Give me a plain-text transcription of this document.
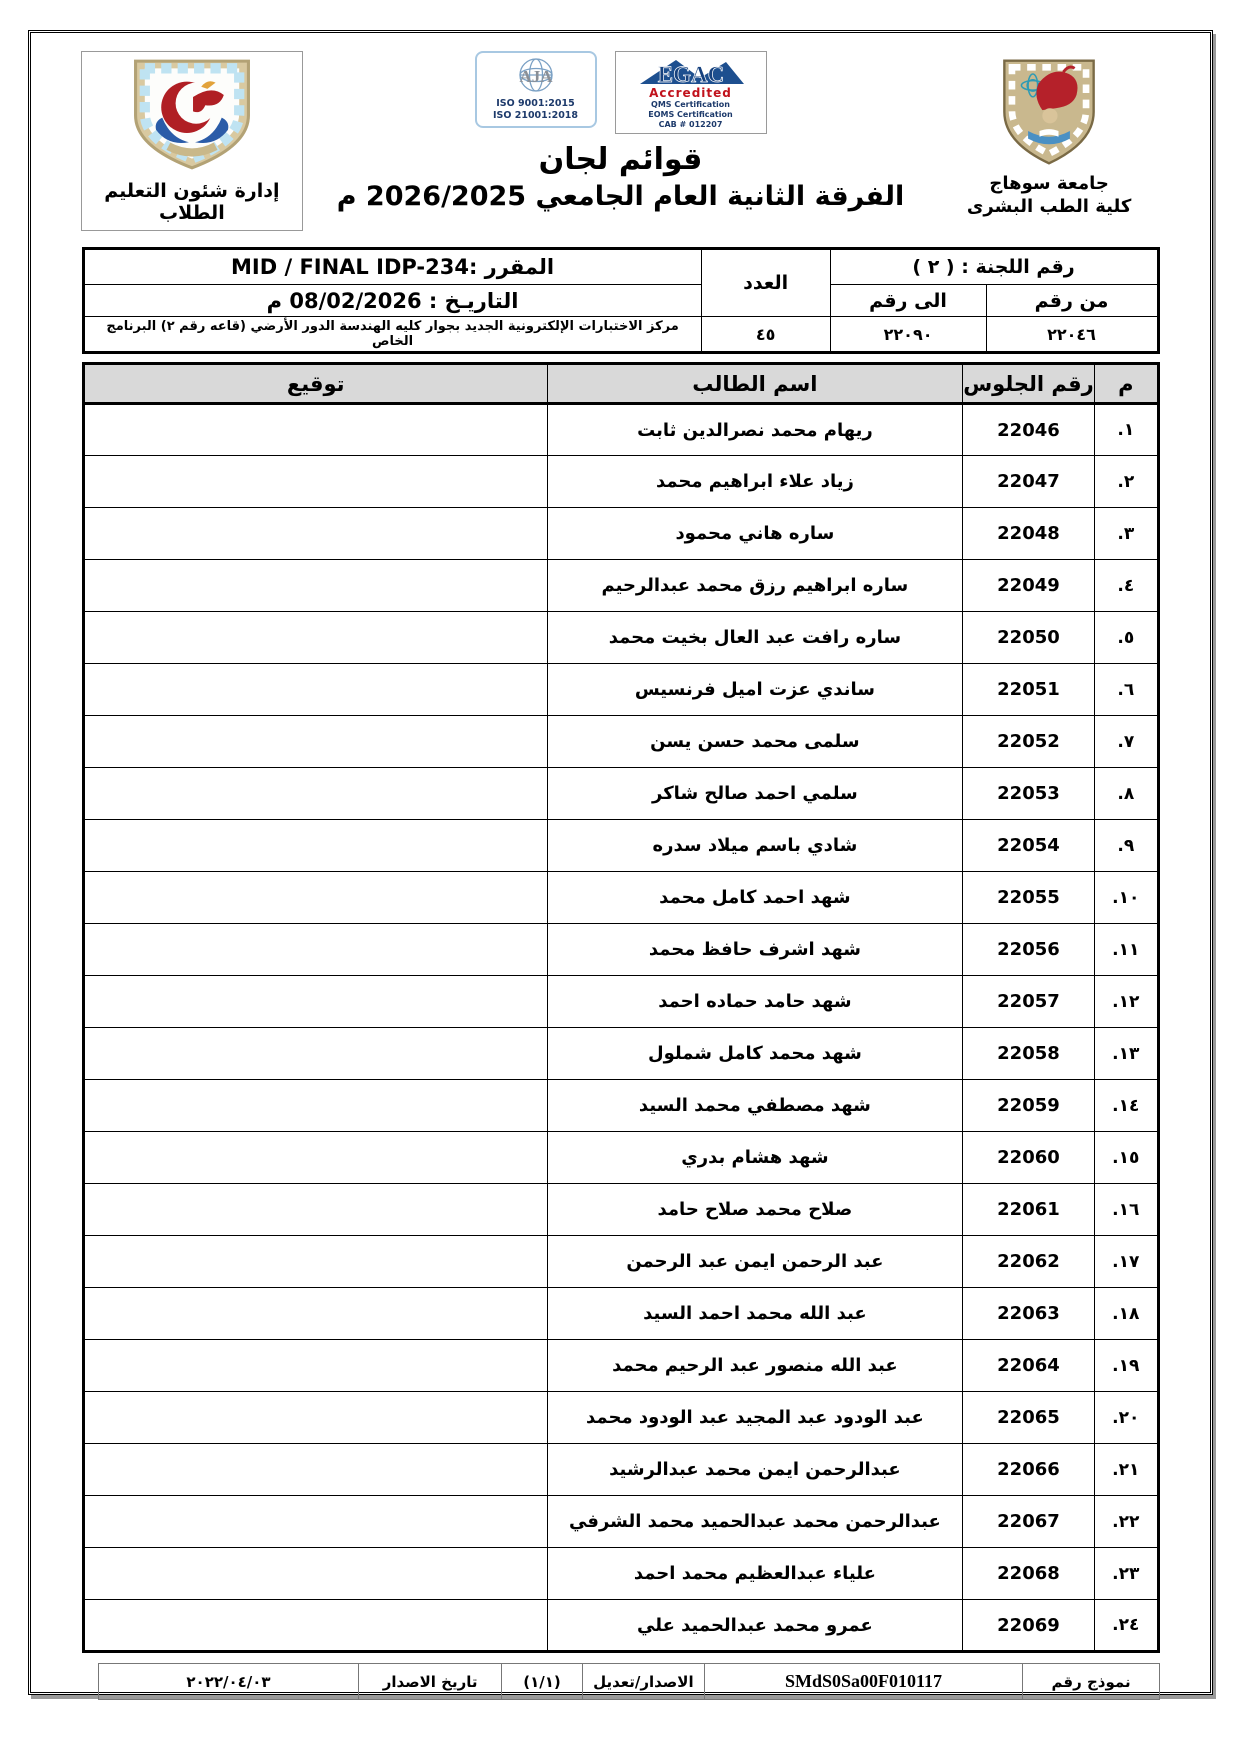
جامعة سوهاج
كلية الطب البشرى
EGAC
Accredited
QMS Certification
EOMS Certification
CAB # 012207
AJA
ISO 9001:2015
ISO 21001:2018
قوائم لجان
الفرقة الثانية العام الجامعي 2026/2025 م
إدارة شئون التعليم الطلاب
رقم اللجنة : ( ٢ )		العدد	المقرر :MID / FINAL IDP-234
من رقم	الى رقم		التاريـخ : 08/02/2026 م
٢٢٠٤٦	٢٢٠٩٠	٤٥	مركز الاختبارات الإلكترونية الجديد بجوار كليه الهندسة الدور الأرضي (قاعه رقم ٢) البرنامج الخاص
م	رقم الجلوس	اسم الطالب	توقيع
١.	22046	ريهام محمد نصرالدين ثابت	
٢.	22047	زياد علاء ابراهيم محمد	
٣.	22048	ساره هاني محمود	
٤.	22049	ساره ابراهيم رزق محمد عبدالرحيم	
٥.	22050	ساره رافت عبد العال بخيت محمد	
٦.	22051	ساندي عزت اميل فرنسيس	
٧.	22052	سلمى محمد حسن يسن	
٨.	22053	سلمي احمد صالح شاكر	
٩.	22054	شادي باسم ميلاد سدره	
١٠.	22055	شهد احمد كامل محمد	
١١.	22056	شهد اشرف حافظ محمد	
١٢.	22057	شهد حامد حماده احمد	
١٣.	22058	شهد محمد كامل شملول	
١٤.	22059	شهد مصطفي محمد السيد	
١٥.	22060	شهد هشام بدري	
١٦.	22061	صلاح محمد صلاح حامد	
١٧.	22062	عبد الرحمن ايمن عبد الرحمن	
١٨.	22063	عبد الله محمد احمد السيد	
١٩.	22064	عبد الله منصور عبد الرحيم محمد	
٢٠.	22065	عبد الودود عبد المجيد عبد الودود محمد	
٢١.	22066	عبدالرحمن ايمن محمد عبدالرشيد	
٢٢.	22067	عبدالرحمن محمد عبدالحميد محمد الشرفي	
٢٣.	22068	علياء عبدالعظيم محمد احمد	
٢٤.	22069	عمرو محمد عبدالحميد علي	
نموذج رقم	SMdS0Sa00F010117	الاصدار/تعديل	(١/١)	تاريخ الاصدار	٢٠٢٢/٠٤/٠٣
